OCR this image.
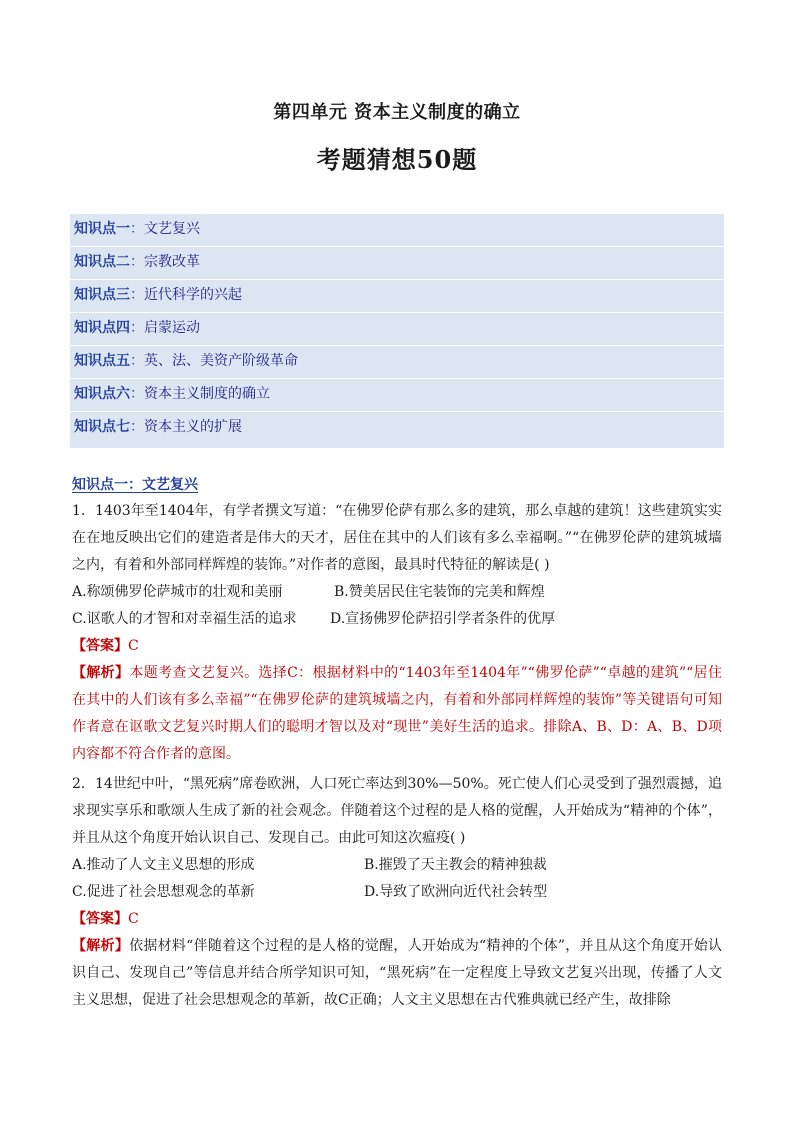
第四单元 资本主义制度的确立
考题猜想50题
知识点一：文艺复兴
知识点二：宗教改革
知识点三：近代科学的兴起
知识点四：启蒙运动
知识点五：英、法、美资产阶级革命
知识点六：资本主义制度的确立
知识点七：资本主义的扩展
知识点一：文艺复兴

1．1403年至1404年，有学者撰文写道：“在佛罗伦萨有那么多的建筑，那么卓越的建筑！这些建筑实实在在地反映出它们的建造者是伟大的天才，居住在其中的人们该有多么幸福啊。”“在佛罗伦萨的建筑城墙之内，有着和外部同样辉煌的装饰。”对作者的意图，最具时代特征的解读是( )

A.称颂佛罗伦萨城市的壮观和美丽	B.赞美居民住宅装饰的完美和辉煌
C.讴歌人的才智和对幸福生活的追求 D.宣扬佛罗伦萨招引学者条件的优厚
【答案】C

【解析】本题考查文艺复兴。选择C：根据材料中的“1403年至1404年”“佛罗伦萨”“卓越的建筑”“居住在其中的人们该有多么幸福”“在佛罗伦萨的建筑城墙之内，有着和外部同样辉煌的装饰”等关键语句可知作者意在讴歌文艺复兴时期人们的聪明才智以及对“现世”美好生活的追求。排除A、B、D：A、B、D项内容都不符合作者的意图。

2．14世纪中叶，“黑死病”席卷欧洲，人口死亡率达到30%—50%。死亡使人们心灵受到了强烈震撼，追求现实享乐和歌颂人生成了新的社会观念。伴随着这个过程的是人格的觉醒，人开始成为“精神的个体”，并且从这个角度开始认识自己、发现自己。由此可知这次瘟疫( )

A.推动了人文主义思想的形成	B.摧毁了天主教会的精神独裁
C.促进了社会思想观念的革新	D.导致了欧洲向近代社会转型
【答案】C

【解析】依据材料“伴随着这个过程的是人格的觉醒，人开始成为“精神的个体”，并且从这个角度开始认识自己、发现自己”等信息并结合所学知识可知，“黑死病”在一定程度上导致文艺复兴出现，传播了人文主义思想，促进了社会思想观念的革新，故C正确；人文主义思想在古代雅典就已经产生，故排除
